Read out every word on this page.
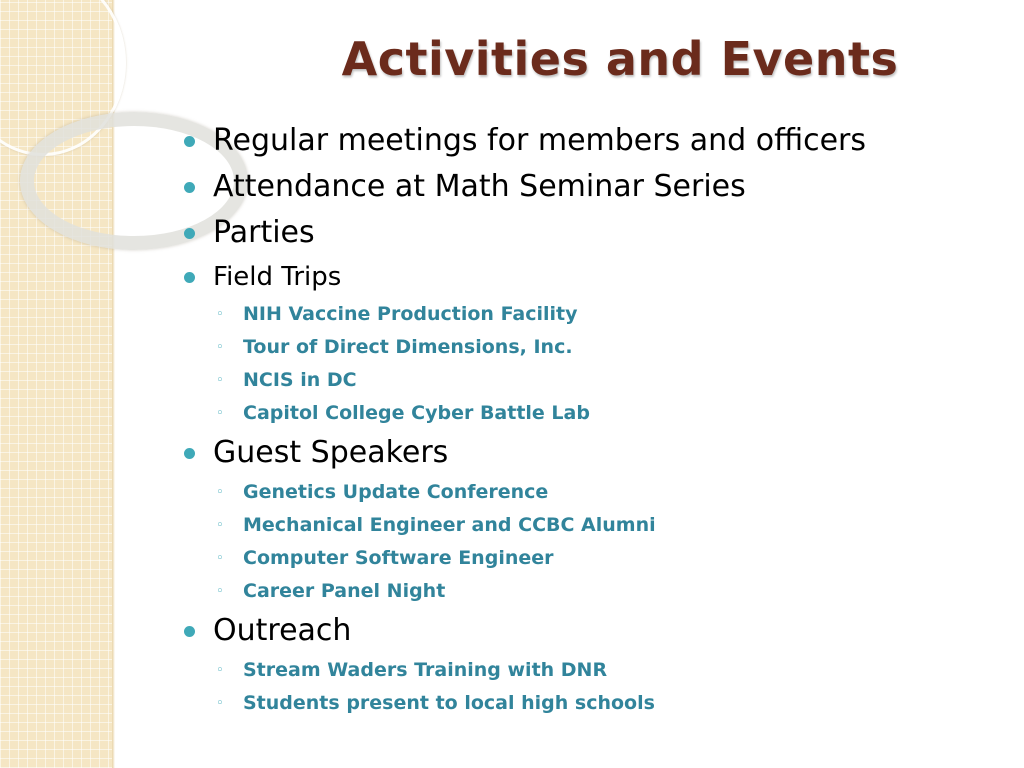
Activities and Events
Regular meetings for members and officers
Attendance at Math Seminar Series
Parties
Field Trips
◦ NIH Vaccine Production Facility
◦ Tour of Direct Dimensions, Inc.
◦ NCIS in DC
◦ Capitol College Cyber Battle Lab
Guest Speakers
◦ Genetics Update Conference
◦ Mechanical Engineer and CCBC Alumni
◦ Computer Software Engineer
◦ Career Panel Night
Outreach
◦ Stream Waders Training with DNR
◦ Students present to local high schools
